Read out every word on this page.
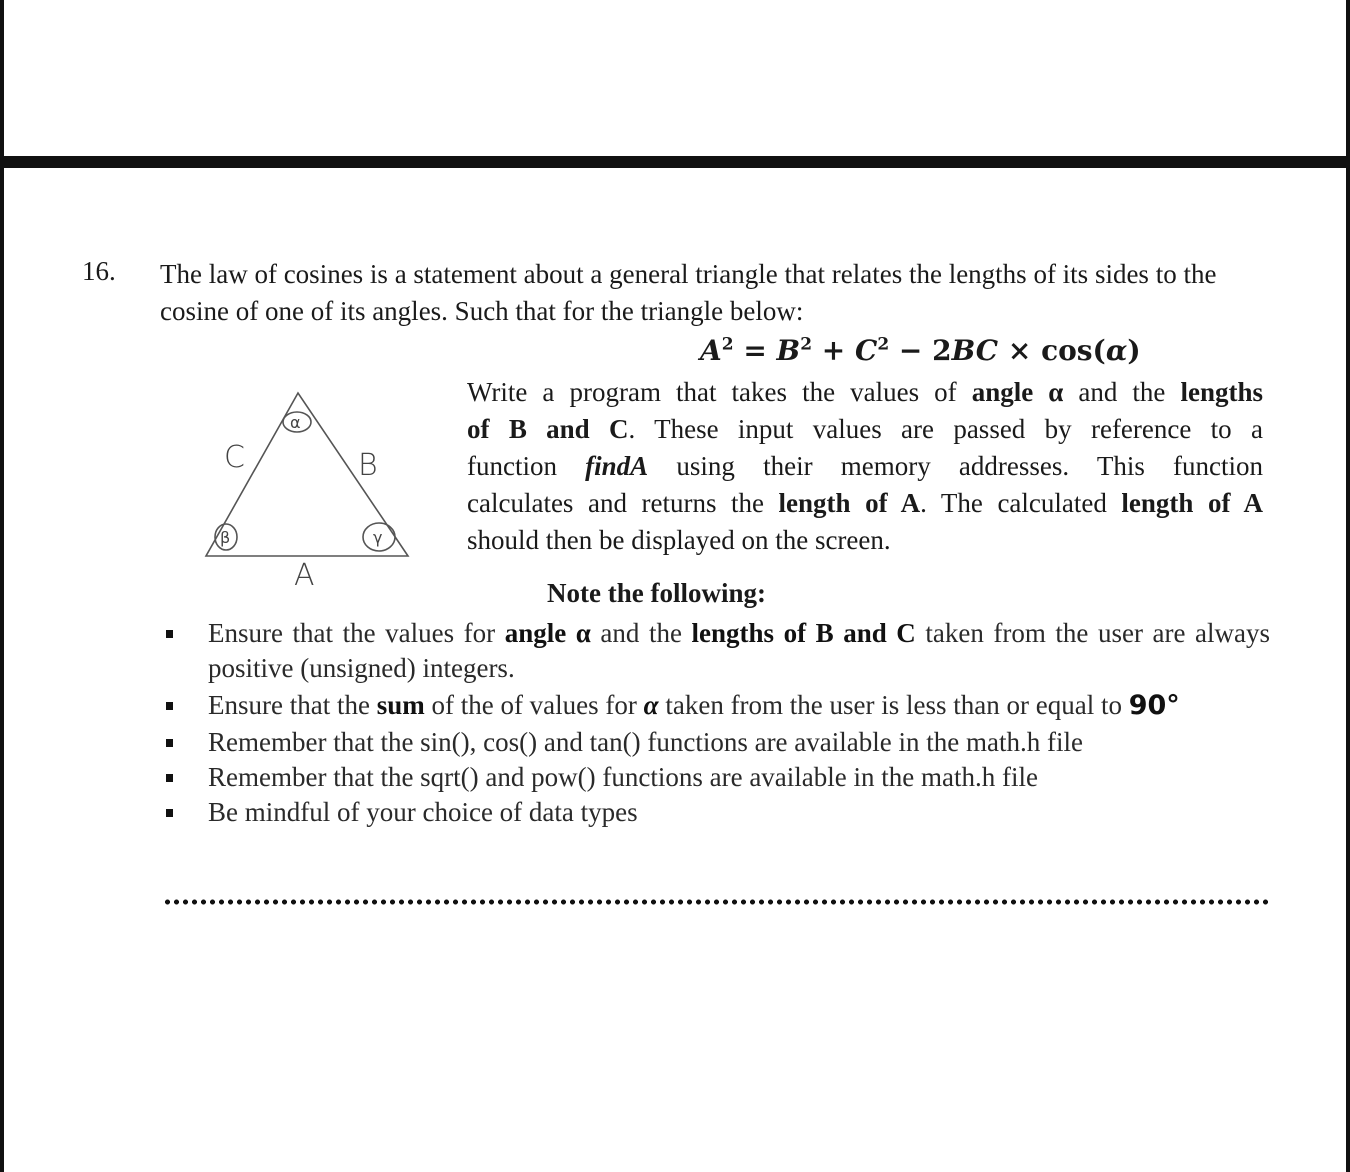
16. The law of cosines is a statement about a general triangle that relates the lengths of its sides to the cosine of one of its angles. Such that for the triangle below:
$A^2 = B^2 + C^2 - 2BC \times \cos(\alpha)$
α
β	γ
C	B
A
Write a program that takes the values of angle α and the lengths
of B and C. These input values are passed by reference to a
function findA using their memory addresses. This function
calculates and returns the length of A. The calculated length of A
should then be displayed on the screen.
Note the following:
Ensure that the values for angle α and the lengths of B and C taken from the user are always positive (unsigned) integers.
Ensure that the sum of the of values for α taken from the user is less than or equal to 90°
Remember that the sin(), cos() and tan() functions are available in the math.h file
Remember that the sqrt() and pow() functions are available in the math.h file
Be mindful of your choice of data types
